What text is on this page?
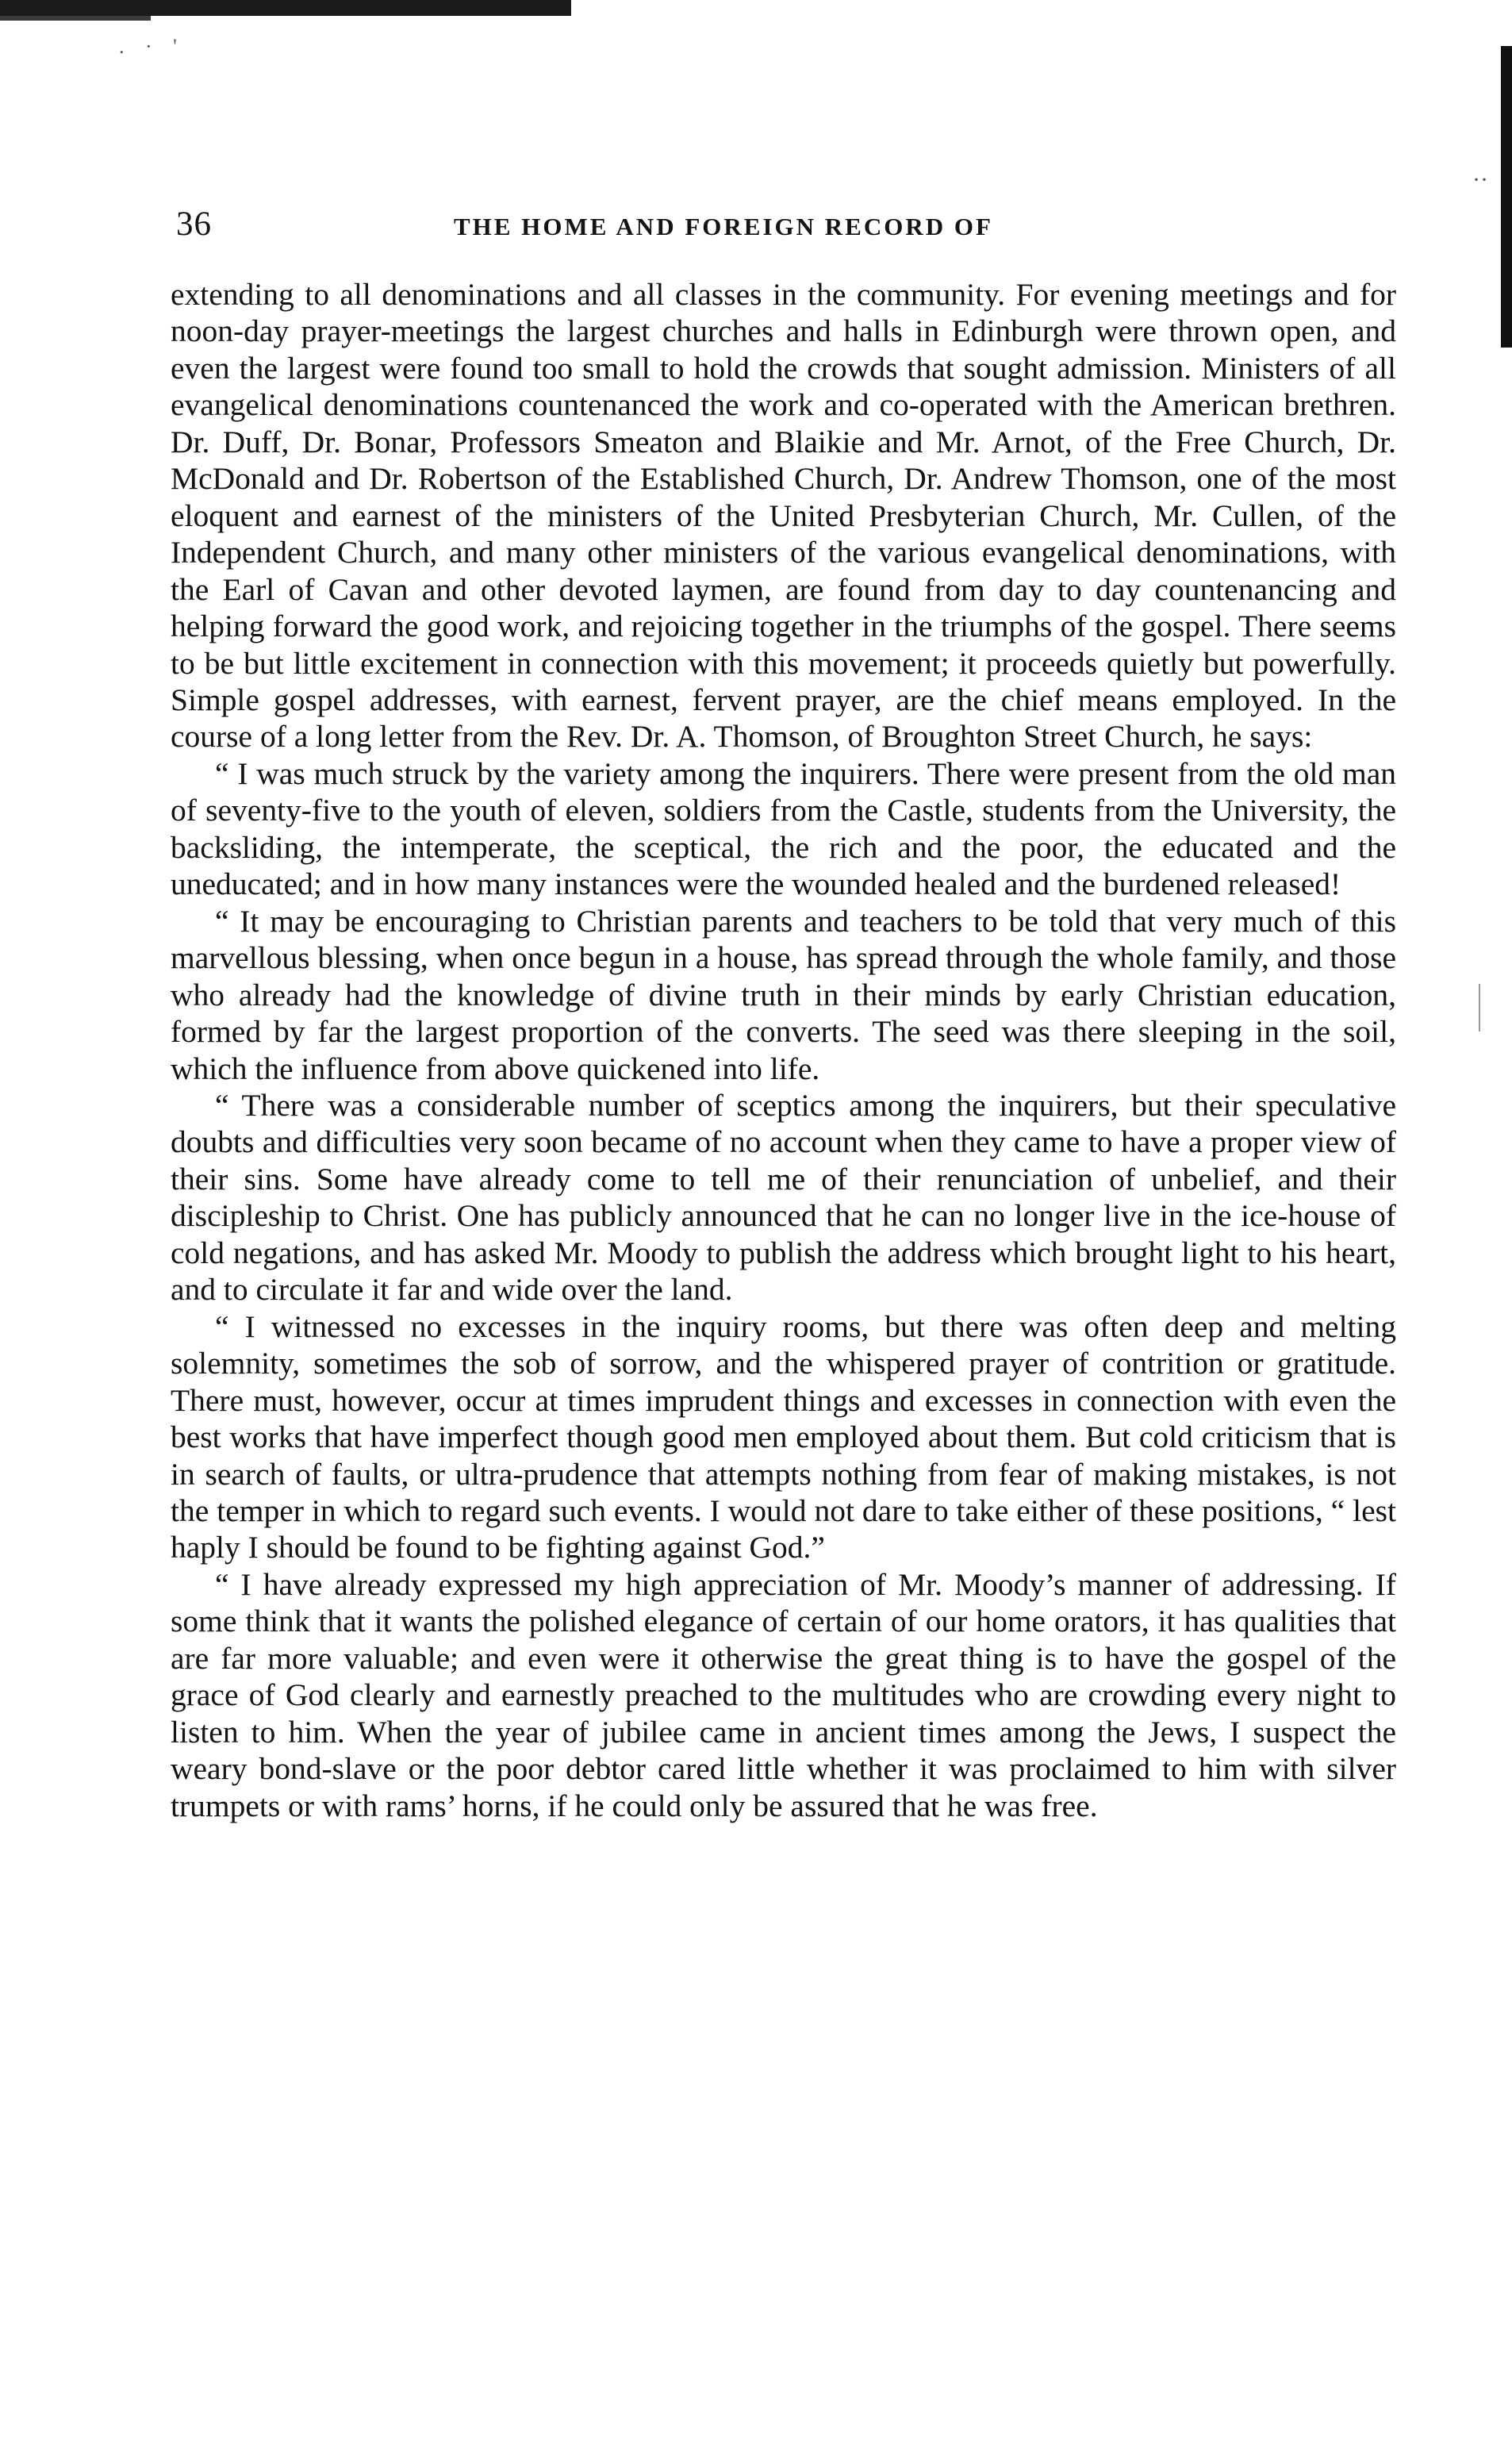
. · '
··
36	THE HOME AND FOREIGN RECORD OF

extending to all denominations and all classes in the community. For evening meetings and for noon-day prayer-meetings the largest churches and halls in Edinburgh were thrown open, and even the largest were found too small to hold the crowds that sought admission. Ministers of all evangelical denominations countenanced the work and co-operated with the American brethren. Dr. Duff, Dr. Bonar, Professors Smeaton and Blaikie and Mr. Arnot, of the Free Church, Dr. McDonald and Dr. Robertson of the Established Church, Dr. Andrew Thomson, one of the most eloquent and earnest of the ministers of the United Presbyterian Church, Mr. Cullen, of the Independent Church, and many other ministers of the various evangelical denominations, with the Earl of Cavan and other devoted laymen, are found from day to day countenancing and helping forward the good work, and rejoicing together in the triumphs of the gospel. There seems to be but little excitement in connection with this movement; it proceeds quietly but powerfully. Simple gospel addresses, with earnest, fervent prayer, are the chief means employed. In the course of a long letter from the Rev. Dr. A. Thomson, of Broughton Street Church, he says:

“ I was much struck by the variety among the inquirers. There were present from the old man of seventy-five to the youth of eleven, soldiers from the Castle, students from the University, the backsliding, the intemperate, the sceptical, the rich and the poor, the educated and the uneducated; and in how many instances were the wounded healed and the burdened released!

“ It may be encouraging to Christian parents and teachers to be told that very much of this marvellous blessing, when once begun in a house, has spread through the whole family, and those who already had the knowledge of divine truth in their minds by early Christian education, formed by far the largest proportion of the converts. The seed was there sleeping in the soil, which the influence from above quickened into life.

“ There was a considerable number of sceptics among the inquirers, but their speculative doubts and difficulties very soon became of no account when they came to have a proper view of their sins. Some have already come to tell me of their renunciation of unbelief, and their discipleship to Christ. One has publicly announced that he can no longer live in the ice-house of cold negations, and has asked Mr. Moody to publish the address which brought light to his heart, and to circulate it far and wide over the land.

“ I witnessed no excesses in the inquiry rooms, but there was often deep and melting solemnity, sometimes the sob of sorrow, and the whispered prayer of contrition or gratitude. There must, however, occur at times imprudent things and excesses in connection with even the best works that have imperfect though good men employed about them. But cold criticism that is in search of faults, or ultra-prudence that attempts nothing from fear of making mistakes, is not the temper in which to regard such events. I would not dare to take either of these positions, “ lest haply I should be found to be fighting against God.”

“ I have already expressed my high appreciation of Mr. Moody’s manner of addressing. If some think that it wants the polished elegance of certain of our home orators, it has qualities that are far more valuable; and even were it otherwise the great thing is to have the gospel of the grace of God clearly and earnestly preached to the multitudes who are crowding every night to listen to him. When the year of jubilee came in ancient times among the Jews, I suspect the weary bond-slave or the poor debtor cared little whether it was proclaimed to him with silver trumpets or with rams’ horns, if he could only be assured that he was free.
